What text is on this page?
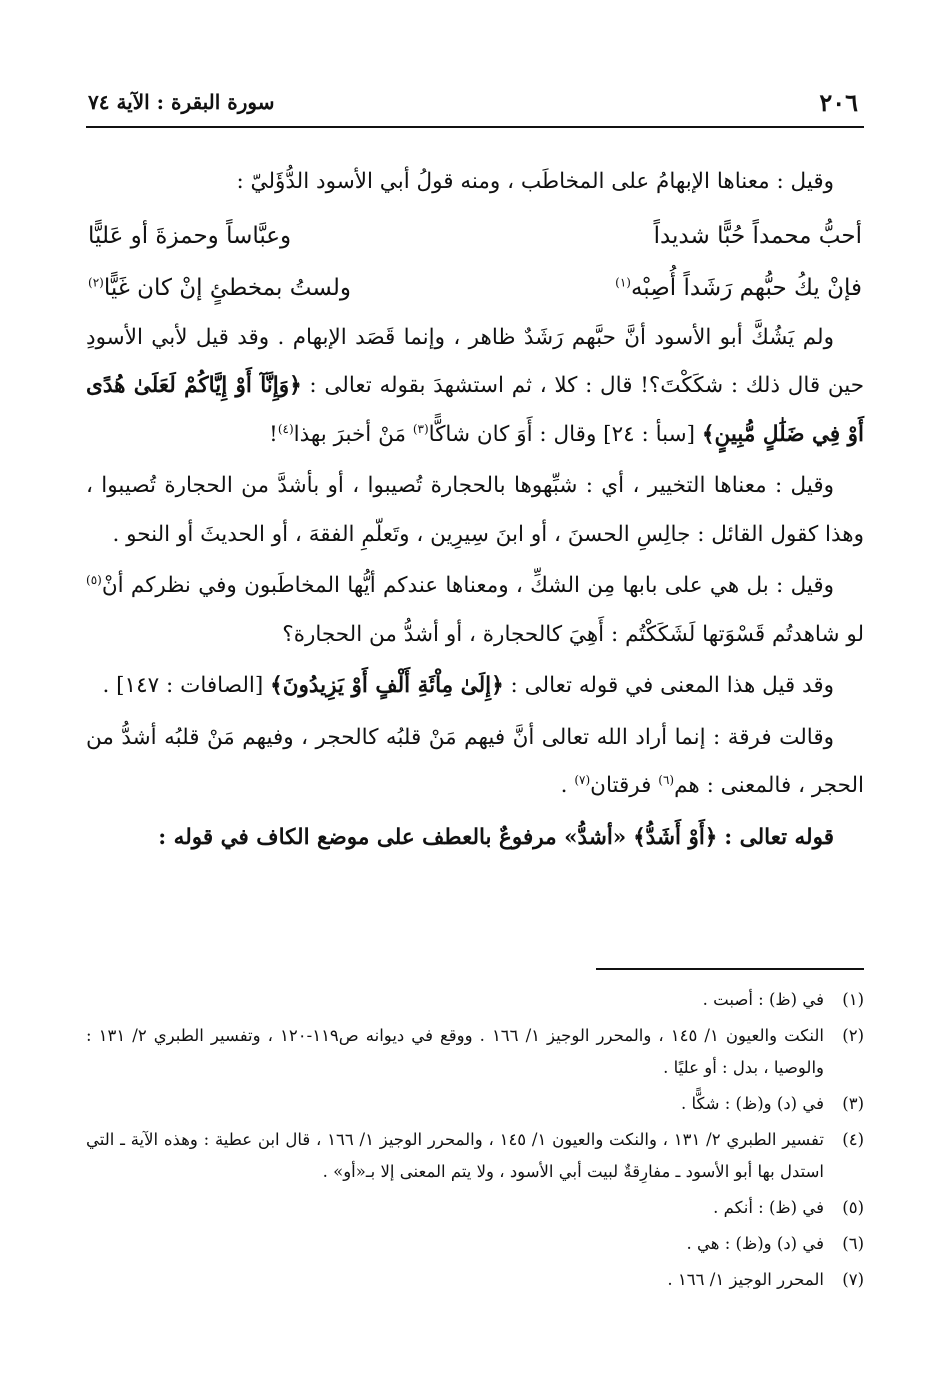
٢٠٦
سورة البقرة : الآية ٧٤

وقيل : معناها الإبهامُ على المخاطَب ، ومنه قولُ أبي الأسود الدُّؤَليّ :

أحبُّ محمداً حُبًّا شديداً
وعبَّاساً وحمزةَ أو عَليًّا
فإنْ يكُ حبُّهم رَشَداً أُصِبْه$^{(١)}$
ولستُ بمخطئٍ إنْ كان غَيًّا$^{(٢)}$

ولم يَشُكَّ أبو الأسود أنَّ حبَّهم رَشَدٌ ظاهر ، وإنما قَصَد الإبهام . وقد قيل لأبي الأسودِ حين قال ذلك : شكَكْتَ؟! قال : كلا ، ثم استشهدَ بقوله تعالى : ﴿وَإِنَّآ أَوْ إِيَّاكُمْ لَعَلَىٰ هُدًى أَوْ فِي ضَلَٰلٍ مُّبِينٍ﴾ [سبأ : ٢٤] وقال : أَوَ كان شاكًّا$^{(٣)}$ مَنْ أخبرَ بهذا$^{(٤)}$!

وقيل : معناها التخيير ، أي : شبِّهوها بالحجارة تُصيبوا ، أو بأشدَّ من الحجارة تُصيبوا ، وهذا كقول القائل : جالِسِ الحسنَ ، أو ابنَ سِيرِين ، وتَعلّمِ الفقهَ ، أو الحديثَ أو النحو .

وقيل : بل هي على بابها مِن الشكِّ ، ومعناها عندكم أيُّها المخاطَبون وفي نظركم أنْ$^{(٥)}$ لو شاهدتُم قَسْوَتها لَشَكَكْتُم : أَهِيَ كالحجارة ، أو أشدُّ من الحجارة؟

وقد قيل هذا المعنى في قوله تعالى : ﴿إِلَىٰ مِاْئَةِ أَلْفٍ أَوْ يَزِيدُونَ﴾ [الصافات : ١٤٧] .

وقالت فرقة : إنما أراد الله تعالى أنَّ فيهم مَنْ قلبُه كالحجر ، وفيهم مَنْ قلبُه أشدُّ من الحجر ، فالمعنى : هم$^{(٦)}$ فرقتان$^{(٧)}$ .

قوله تعالى : ﴿أَوْ أَشَدُّ﴾ «أشدُّ» مرفوعٌ بالعطف على موضع الكاف في قوله :

(١)
في (ظ) : أصبت .
(٢)
النكت والعيون ١/ ١٤٥ ، والمحرر الوجيز ١/ ١٦٦ . ووقع في ديوانه ص١١٩-١٢٠ ، وتفسير الطبري ٢/ ١٣١ : والوصيا ، بدل : أو عليًا .
(٣)
في (د) و(ظ) : شكًّا .
(٤)
تفسير الطبري ٢/ ١٣١ ، والنكت والعيون ١/ ١٤٥ ، والمحرر الوجيز ١/ ١٦٦ ، قال ابن عطية : وهذه الآية ـ التي استدل بها أبو الأسود ـ مفارِقةٌ لبيت أبي الأسود ، ولا يتم المعنى إلا بـ«أو» .
(٥)
في (ظ) : أنكم .
(٦)
في (د) و(ظ) : هي .
(٧)
المحرر الوجيز ١/ ١٦٦ .
